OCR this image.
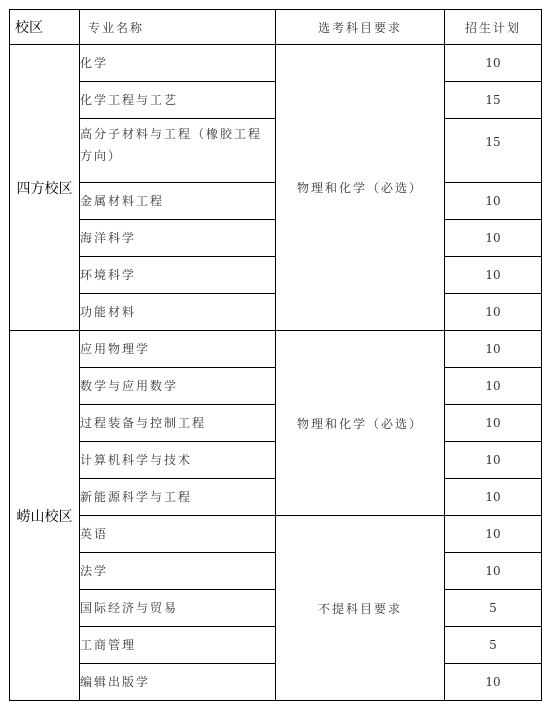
校区	专业名称	选考科目要求	招生计划
四方校区	化学	物理和化学（必选）	10
	化学工程与工艺		15
	高分子材料与工程（橡胶工程方向）		15
	金属材料工程		10
	海洋科学		10
	环境科学		10
	功能材料		10
崂山校区	应用物理学	物理和化学（必选）	10
	数学与应用数学		10
	过程装备与控制工程		10
	计算机科学与技术		10
	新能源科学与工程		10
	英语	不提科目要求	10
	法学		10
	国际经济与贸易		5
	工商管理		5
	编辑出版学		10
